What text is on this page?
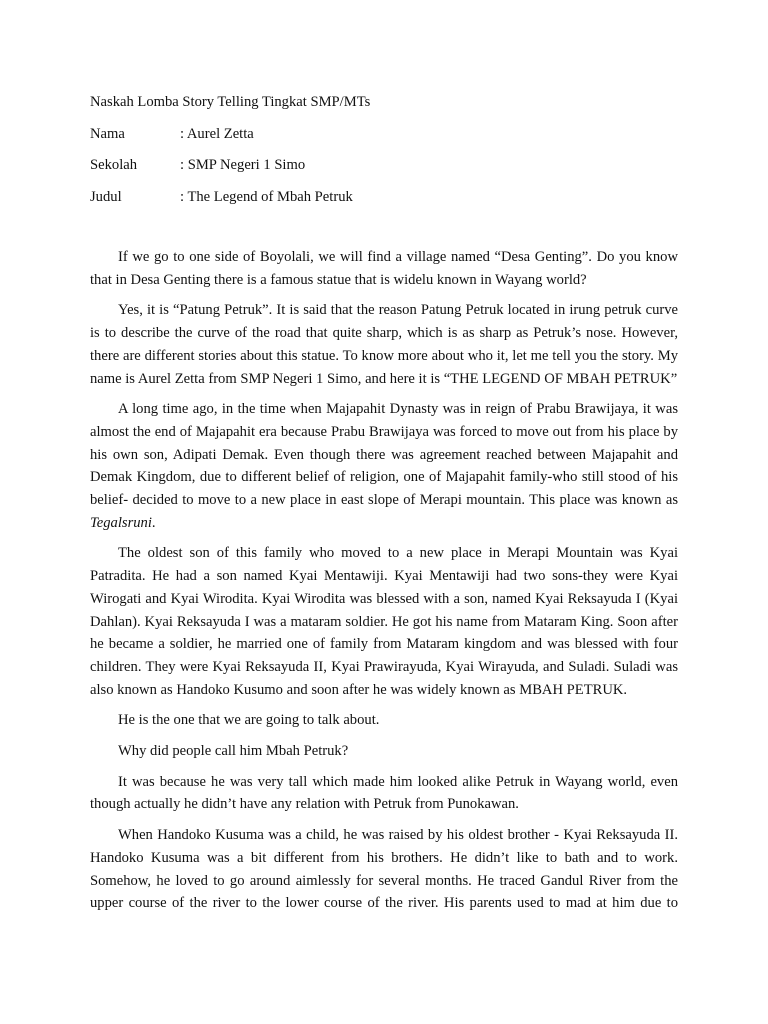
Naskah Lomba Story Telling Tingkat SMP/MTs
Nama	: Aurel Zetta
Sekolah	: SMP Negeri 1 Simo
Judul	: The Legend of Mbah Petruk

If we go to one side of Boyolali, we will find a village named “Desa Genting”. Do you know that in Desa Genting there is a famous statue that is widelu known in Wayang world?

Yes, it is “Patung Petruk”. It is said that the reason Patung Petruk located in irung petruk curve is to describe the curve of the road that quite sharp, which is as sharp as Petruk’s nose. However, there are different stories about this statue. To know more about who it, let me tell you the story. My name is Aurel Zetta from SMP Negeri 1 Simo, and here it is “THE LEGEND OF MBAH PETRUK”

A long time ago, in the time when Majapahit Dynasty was in reign of Prabu Brawijaya, it was almost the end of Majapahit era because Prabu Brawijaya was forced to move out from his place by his own son, Adipati Demak. Even though there was agreement reached between Majapahit and Demak Kingdom, due to different belief of religion, one of Majapahit family-who still stood of his belief- decided to move to a new place in east slope of Merapi mountain. This place was known as Tegalsruni.

The oldest son of this family who moved to a new place in Merapi Mountain was Kyai Patradita. He had a son named Kyai Mentawiji. Kyai Mentawiji had two sons-they were Kyai Wirogati and Kyai Wirodita. Kyai Wirodita was blessed with a son, named Kyai Reksayuda I (Kyai Dahlan). Kyai Reksayuda I was a mataram soldier. He got his name from Mataram King. Soon after he became a soldier, he married one of family from Mataram kingdom and was blessed with four children. They were Kyai Reksayuda II, Kyai Prawirayuda, Kyai Wirayuda, and Suladi. Suladi was also known as Handoko Kusumo and soon after he was widely known as MBAH PETRUK.

He is the one that we are going to talk about.

Why did people call him Mbah Petruk?

It was because he was very tall which made him looked alike Petruk in Wayang world, even though actually he didn’t have any relation with Petruk from Punokawan.

When Handoko Kusuma was a child, he was raised by his oldest brother - Kyai Reksayuda II. Handoko Kusuma was a bit different from his brothers. He didn’t like to bath and to work. Somehow, he loved to go around aimlessly for several months. He traced Gandul River from the upper course of the river to the lower course of the river. His parents used to mad at him due to
